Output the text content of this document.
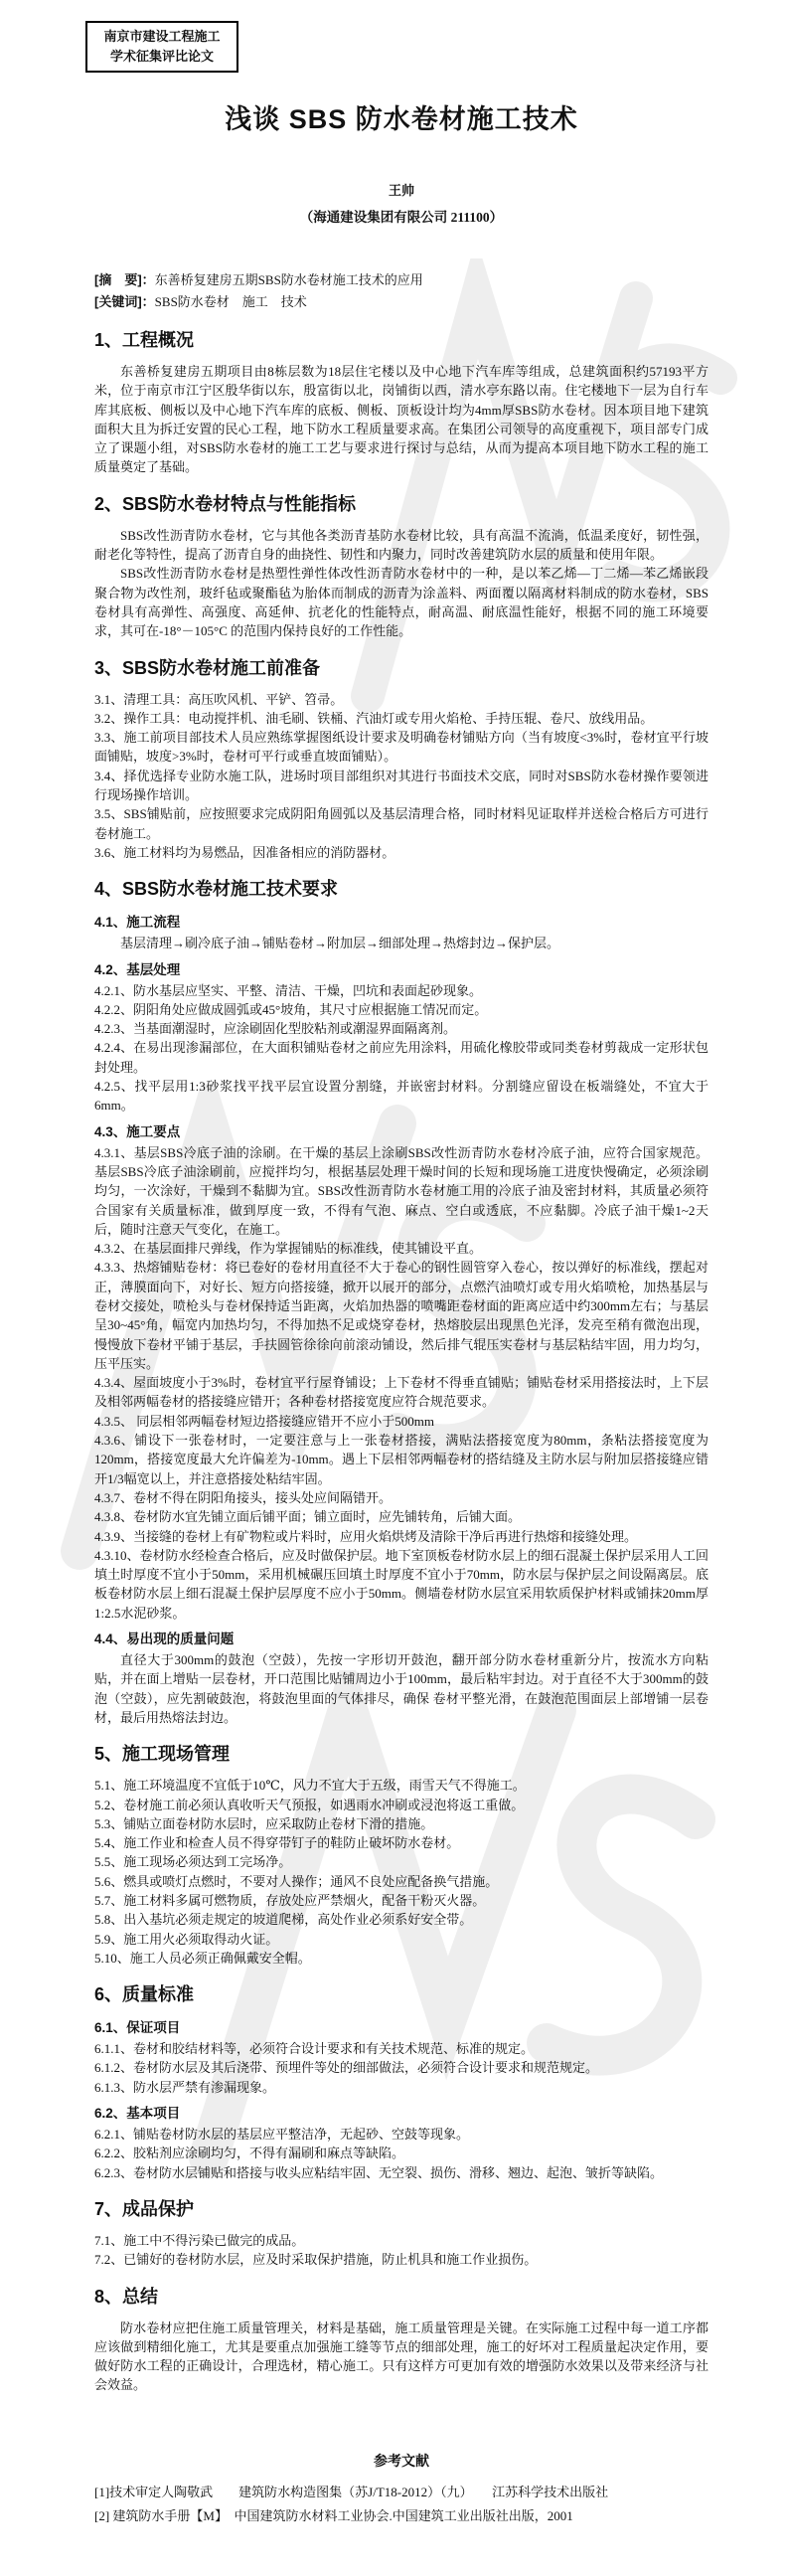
南京市建设工程施工
学术征集评比论文
浅谈 SBS 防水卷材施工技术
王帅
（海通建设集团有限公司 211100）
[摘　要]：东善桥复建房五期SBS防水卷材施工技术的应用
[关键词]：SBS防水卷材　施工　技术
1、工程概况
东善桥复建房五期项目由8栋层数为18层住宅楼以及中心地下汽车库等组成，总建筑面积约57193平方米，位于南京市江宁区殷华街以东，殷富街以北，岗铺街以西，清水亭东路以南。住宅楼地下一层为自行车库其底板、侧板以及中心地下汽车库的底板、侧板、顶板设计均为4mm厚SBS防水卷材。因本项目地下建筑面积大且为拆迁安置的民心工程，地下防水工程质量要求高。在集团公司领导的高度重视下，项目部专门成立了课题小组，对SBS防水卷材的施工工艺与要求进行探讨与总结，从而为提高本项目地下防水工程的施工质量奠定了基础。
2、SBS防水卷材特点与性能指标
SBS改性沥青防水卷材，它与其他各类沥青基防水卷材比较，具有高温不流淌，低温柔度好，韧性强，耐老化等特性，提高了沥青自身的曲挠性、韧性和内聚力，同时改善建筑防水层的质量和使用年限。
SBS改性沥青防水卷材是热塑性弹性体改性沥青防水卷材中的一种，是以苯乙烯—丁二烯—苯乙烯嵌段聚合物为改性剂，玻纤毡或聚酯毡为胎体而制成的沥青为涂盖料、两面覆以隔离材料制成的防水卷材，SBS卷材具有高弹性、高强度、高延伸、抗老化的性能特点，耐高温、耐底温性能好，根据不同的施工环境要求，其可在-18°－105°C 的范围内保持良好的工作性能。
3、SBS防水卷材施工前准备
3.1、清理工具：高压吹风机、平铲、笤帚。
3.2、操作工具：电动搅拌机、油毛刷、铁桶、汽油灯或专用火焰枪、手持压辊、卷尺、放线用品。
3.3、施工前项目部技术人员应熟练掌握图纸设计要求及明确卷材铺贴方向（当有坡度<3%时，卷材宜平行坡面铺贴，坡度>3%时，卷材可平行或垂直坡面铺贴）。
3.4、择优选择专业防水施工队，进场时项目部组织对其进行书面技术交底，同时对SBS防水卷材操作要领进行现场操作培训。
3.5、SBS铺贴前，应按照要求完成阴阳角圆弧以及基层清理合格，同时材料见证取样并送检合格后方可进行卷材施工。
3.6、施工材料均为易燃品，因准备相应的消防器材。
4、SBS防水卷材施工技术要求
4.1、施工流程
基层清理→刷冷底子油→铺贴卷材→附加层→细部处理→热熔封边→保护层。
4.2、基层处理
4.2.1、防水基层应坚实、平整、清洁、干燥，凹坑和表面起砂现象。
4.2.2、阴阳角处应做成圆弧或45°坡角，其尺寸应根据施工情况而定。
4.2.3、当基面潮湿时，应涂刷固化型胶粘剂或潮湿界面隔离剂。
4.2.4、在易出现渗漏部位，在大面积铺贴卷材之前应先用涂料，用硫化橡胶带或同类卷材剪裁成一定形状包封处理。
4.2.5、找平层用1:3砂浆找平找平层宜设置分割缝，并嵌密封材料。分割缝应留设在板端缝处，不宜大于6mm。
4.3、施工要点
4.3.1、基层SBS冷底子油的涂刷。在干燥的基层上涂刷SBS改性沥青防水卷材冷底子油，应符合国家规范。基层SBS冷底子油涂刷前，应搅拌均匀，根据基层处理干燥时间的长短和现场施工进度快慢确定，必须涂刷均匀，一次涂好，干燥到不黏脚为宜。SBS改性沥青防水卷材施工用的冷底子油及密封材料，其质量必须符合国家有关质量标准，做到厚度一致，不得有气泡、麻点、空白或透底，不应黏脚。冷底子油干燥1~2天后，随时注意天气变化，在施工。
4.3.2、在基层面排尺弹线，作为掌握铺贴的标准线，使其铺设平直。
4.3.3、热熔铺贴卷材：将已卷好的卷材用直径不大于卷心的钢性圆管穿入卷心，按以弹好的标准线，摆起对正，薄膜面向下，对好长、短方向搭接缝，掀开以展开的部分，点燃汽油喷灯或专用火焰喷枪，加热基层与卷材交接处，喷枪头与卷材保持适当距离，火焰加热器的喷嘴距卷材面的距离应适中约300mm左右；与基层呈30~45°角，幅宽内加热均匀，不得加热不足或烧穿卷材，热熔胶层出现黑色光泽，发亮至稍有微泡出现，慢慢放下卷材平铺于基层，手扶圆管徐徐向前滚动铺设，然后排气辊压实卷材与基层粘结牢固，用力均匀，压平压实。
4.3.4、屋面坡度小于3%时，卷材宜平行屋脊铺设；上下卷材不得垂直铺贴；铺贴卷材采用搭接法时，上下层及相邻两幅卷材的搭接缝应错开；各种卷材搭接宽度应符合规范要求。
4.3.5、 同层相邻两幅卷材短边搭接缝应错开不应小于500mm
4.3.6、铺设下一张卷材时，一定要注意与上一张卷材搭接，满贴法搭接宽度为80mm，条粘法搭接宽度为120mm，搭接宽度最大允许偏差为-10mm。遇上下层相邻两幅卷材的搭结缝及主防水层与附加层搭接缝应错开1/3幅宽以上，并注意搭接处粘结牢固。
4.3.7、卷材不得在阴阳角接头，接头处应间隔错开。
4.3.8、卷材防水宜先铺立面后铺平面；铺立面时，应先铺转角，后铺大面。
4.3.9、当接缝的卷材上有矿物粒或片料时，应用火焰烘烤及清除干净后再进行热熔和接缝处理。
4.3.10、卷材防水经检查合格后，应及时做保护层。地下室顶板卷材防水层上的细石混凝土保护层采用人工回填土时厚度不宜小于50mm，采用机械碾压回填土时厚度不宜小于70mm，防水层与保护层之间设隔离层。底板卷材防水层上细石混凝土保护层厚度不应小于50mm。侧墙卷材防水层宜采用软质保护材料或铺抹20mm厚1:2.5水泥砂浆。
4.4、易出现的质量问题
直径大于300mm的鼓泡（空鼓），先按一字形切开鼓泡，翻开部分防水卷材重新分片，按流水方向粘贴，并在面上增贴一层卷材，开口范围比贴铺周边小于100mm，最后粘牢封边。对于直径不大于300mm的鼓泡（空鼓），应先割破鼓泡，将鼓泡里面的气体排尽，确保 卷材平整光滑，在鼓泡范围面层上部增铺一层卷材，最后用热熔法封边。
5、施工现场管理
5.1、施工环境温度不宜低于10℃，风力不宜大于五级，雨雪天气不得施工。
5.2、卷材施工前必须认真收听天气预报，如遇雨水冲刷或浸泡将返工重做。
5.3、铺贴立面卷材防水层时，应采取防止卷材下滑的措施。
5.4、施工作业和检查人员不得穿带钉子的鞋防止破坏防水卷材。
5.5、施工现场必须达到工完场净。
5.6、燃具或喷灯点燃时，不要对人操作；通风不良处应配备换气措施。
5.7、施工材料多属可燃物质，存放处应严禁烟火，配备干粉灭火器。
5.8、出入基坑必须走规定的坡道爬梯，高处作业必须系好安全带。
5.9、施工用火必须取得动火证。
5.10、施工人员必须正确佩戴安全帽。
6、质量标准
6.1、保证项目
6.1.1、卷材和胶结材料等，必须符合设计要求和有关技术规范、标准的规定。
6.1.2、卷材防水层及其后浇带、预埋件等处的细部做法，必须符合设计要求和规范规定。
6.1.3、防水层严禁有渗漏现象。
6.2、基本项目
6.2.1、铺贴卷材防水层的基层应平整洁净，无起砂、空鼓等现象。
6.2.2、胶粘剂应涂刷均匀，不得有漏刷和麻点等缺陷。
6.2.3、卷材防水层铺贴和搭接与收头应粘结牢固、无空裂、损伤、滑移、翘边、起泡、皱折等缺陷。
7、成品保护
7.1、施工中不得污染已做完的成品。
7.2、已铺好的卷材防水层，应及时采取保护措施，防止机具和施工作业损伤。
8、总结
防水卷材应把住施工质量管理关，材料是基础，施工质量管理是关键。在实际施工过程中每一道工序都应该做到精细化施工，尤其是要重点加强施工缝等节点的细部处理，施工的好坏对工程质量起决定作用，要做好防水工程的正确设计，合理选材，精心施工。只有这样方可更加有效的增强防水效果以及带来经济与社会效益。
参考文献
[1]技术审定人陶敬武　　建筑防水构造图集（苏J/T18-2012）（九）　　江苏科学技术出版社
[2] 建筑防水手册【M】　中国建筑防水材料工业协会.中国建筑工业出版社出版，2001
